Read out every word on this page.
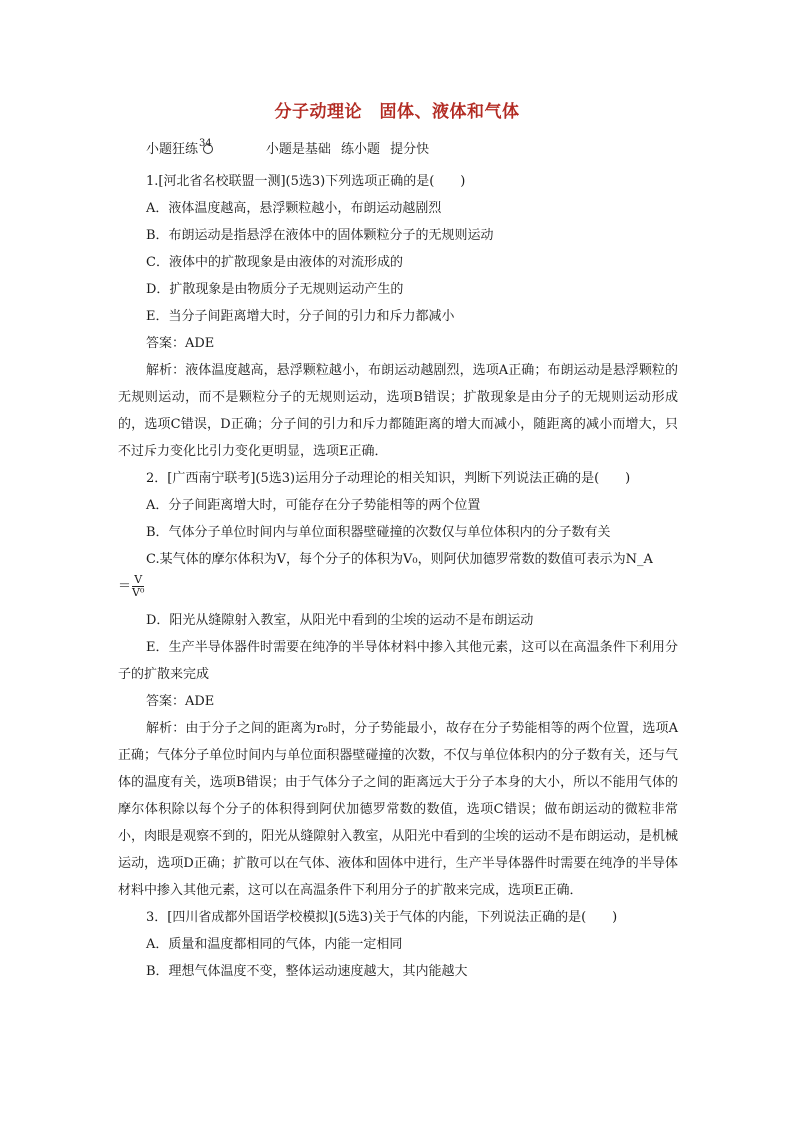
分子动理论　固体、液体和气体
小题狂练$^{34}$	小题是基础 练小题 提分快

1.[河北省名校联盟一测](5选3)下列选项正确的是(　　)

A．液体温度越高，悬浮颗粒越小，布朗运动越剧烈

B．布朗运动是指悬浮在液体中的固体颗粒分子的无规则运动

C．液体中的扩散现象是由液体的对流形成的

D．扩散现象是由物质分子无规则运动产生的

E．当分子间距离增大时，分子间的引力和斥力都减小

答案：ADE

解析：液体温度越高，悬浮颗粒越小，布朗运动越剧烈，选项A正确；布朗运动是悬浮颗粒的无规则运动，而不是颗粒分子的无规则运动，选项B错误；扩散现象是由分子的无规则运动形成的，选项C错误，D正确；分子间的引力和斥力都随距离的增大而减小，随距离的减小而增大，只不过斥力变化比引力变化更明显，选项E正确．

2．[广西南宁联考](5选3)运用分子动理论的相关知识，判断下列说法正确的是(　　)

A．分子间距离增大时，可能存在分子势能相等的两个位置

B．气体分子单位时间内与单位面积器壁碰撞的次数仅与单位体积内的分子数有关

C.某气体的摩尔体积为V，每个分子的体积为V₀，则阿伏加德罗常数的数值可表示为N_A

＝ $\frac{V}{\text{V⁰}}$

D．阳光从缝隙射入教室，从阳光中看到的尘埃的运动不是布朗运动

E．生产半导体器件时需要在纯净的半导体材料中掺入其他元素，这可以在高温条件下利用分子的扩散来完成

答案：ADE

解析：由于分子之间的距离为r₀时，分子势能最小，故存在分子势能相等的两个位置，选项A正确；气体分子单位时间内与单位面积器壁碰撞的次数，不仅与单位体积内的分子数有关，还与气体的温度有关，选项B错误；由于气体分子之间的距离远大于分子本身的大小，所以不能用气体的摩尔体积除以每个分子的体积得到阿伏加德罗常数的数值，选项C错误；做布朗运动的微粒非常小，肉眼是观察不到的，阳光从缝隙射入教室，从阳光中看到的尘埃的运动不是布朗运动，是机械运动，选项D正确；扩散可以在气体、液体和固体中进行，生产半导体器件时需要在纯净的半导体材料中掺入其他元素，这可以在高温条件下利用分子的扩散来完成，选项E正确．

3．[四川省成都外国语学校模拟](5选3)关于气体的内能，下列说法正确的是(　　)

A．质量和温度都相同的气体，内能一定相同

B．理想气体温度不变，整体运动速度越大，其内能越大
